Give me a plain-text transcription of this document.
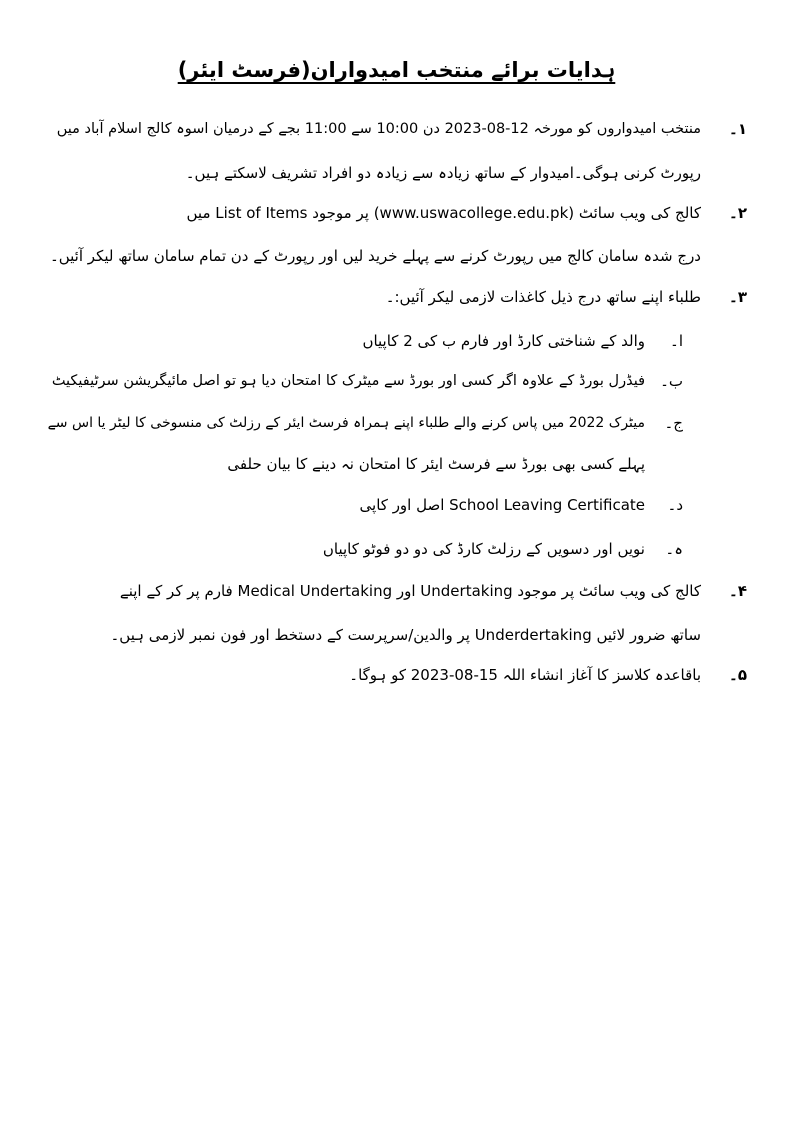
ہدایات برائے منتخب امیدواران(فرسٹ ایئر)
۱۔
منتخب امیدواروں کو مورخہ 12-08-2023 دن 10:00 سے 11:00 بجے کے درمیان اسوہ کالج اسلام آباد میں
رپورٹ کرنی ہوگی۔امیدوار کے ساتھ زیادہ سے زیادہ دو افراد تشریف لاسکتے ہیں۔
۲۔
کالج کی ویب سائٹ (www.uswacollege.edu.pk) پر موجود List of Items میں
درج شدہ سامان کالج میں رپورٹ کرنے سے پہلے خرید لیں اور رپورٹ کے دن تمام سامان ساتھ لیکر آئیں۔
۳۔
طلباء اپنے ساتھ درج ذیل کاغذات لازمی لیکر آئیں:۔
ا۔
والد کے شناختی کارڈ اور فارم ب کی 2 کاپیاں
ب۔
فیڈرل بورڈ کے علاوہ اگر کسی اور بورڈ سے میٹرک کا امتحان دیا ہو تو اصل مائیگریشن سرٹیفیکیٹ
ج۔
میٹرک 2022 میں پاس کرنے والے طلباء اپنے ہمراہ فرسٹ ایئر کے رزلٹ کی منسوخی کا لیٹر یا اس سے
پہلے کسی بھی بورڈ سے فرسٹ ایئر کا امتحان نہ دینے کا بیان حلفی
د۔
School Leaving Certificate اصل اور کاپی
ہ۔
نویں اور دسویں کے رزلٹ کارڈ کی دو دو فوٹو کاپیاں
۴۔
کالج کی ویب سائٹ پر موجود Undertaking اور Medical Undertaking فارم پر کر کے اپنے
ساتھ ضرور لائیں Underdertaking پر والدین/سرپرست کے دستخط اور فون نمبر لازمی ہیں۔
۵۔
باقاعدہ کلاسز کا آغاز انشاء اللہ 15-08-2023 کو ہوگا۔
